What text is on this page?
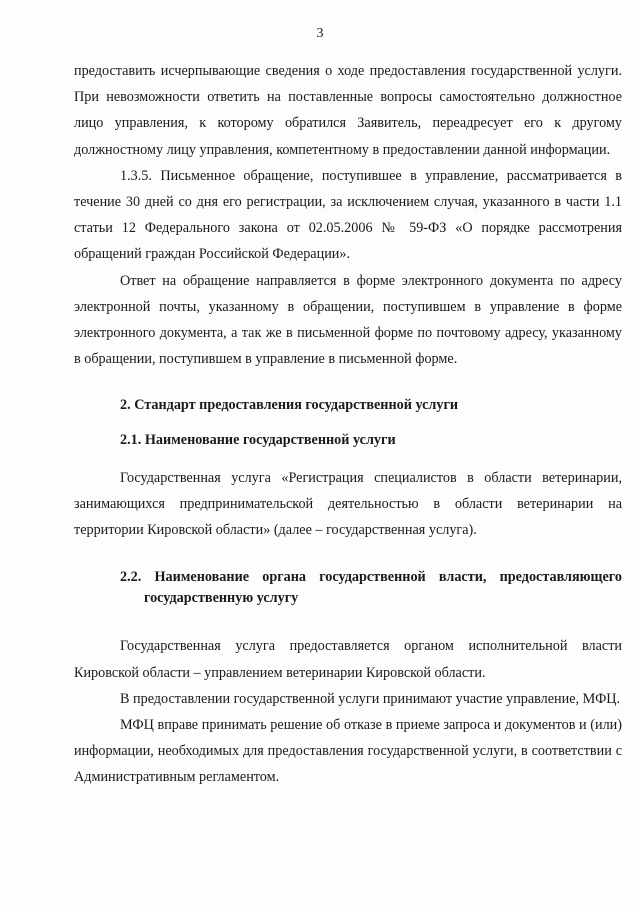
3

предоставить исчерпывающие сведения о ходе предоставления государственной услуги. При невозможности ответить на поставленные вопросы самостоятельно должностное лицо управления, к которому обратился Заявитель, переадресует его к другому должностному лицу управления, компетентному в предоставлении данной информации.

1.3.5. Письменное обращение, поступившее в управление, рассматривается в течение 30 дней со дня его регистрации, за исключением случая, указанного в части 1.1 статьи 12 Федерального закона от 02.05.2006 № 59-ФЗ «О порядке рассмотрения обращений граждан Российской Федерации».

Ответ на обращение направляется в форме электронного документа по адресу электронной почты, указанному в обращении, поступившем в управление в форме электронного документа, а так же в письменной форме по почтовому адресу, указанному в обращении, поступившем в управление в письменной форме.

2. Стандарт предоставления государственной услуги

2.1. Наименование государственной услуги

Государственная услуга «Регистрация специалистов в области ветеринарии, занимающихся предпринимательской деятельностью в области ветеринарии на территории Кировской области» (далее – государственная услуга).

2.2. Наименование органа государственной власти, предоставляющего государственную услугу

Государственная услуга предоставляется органом исполнительной власти Кировской области – управлением ветеринарии Кировской области.

В предоставлении государственной услуги принимают участие управление, МФЦ.

МФЦ вправе принимать решение об отказе в приеме запроса и документов и (или) информации, необходимых для предоставления государственной услуги, в соответствии с Административным регламентом.
